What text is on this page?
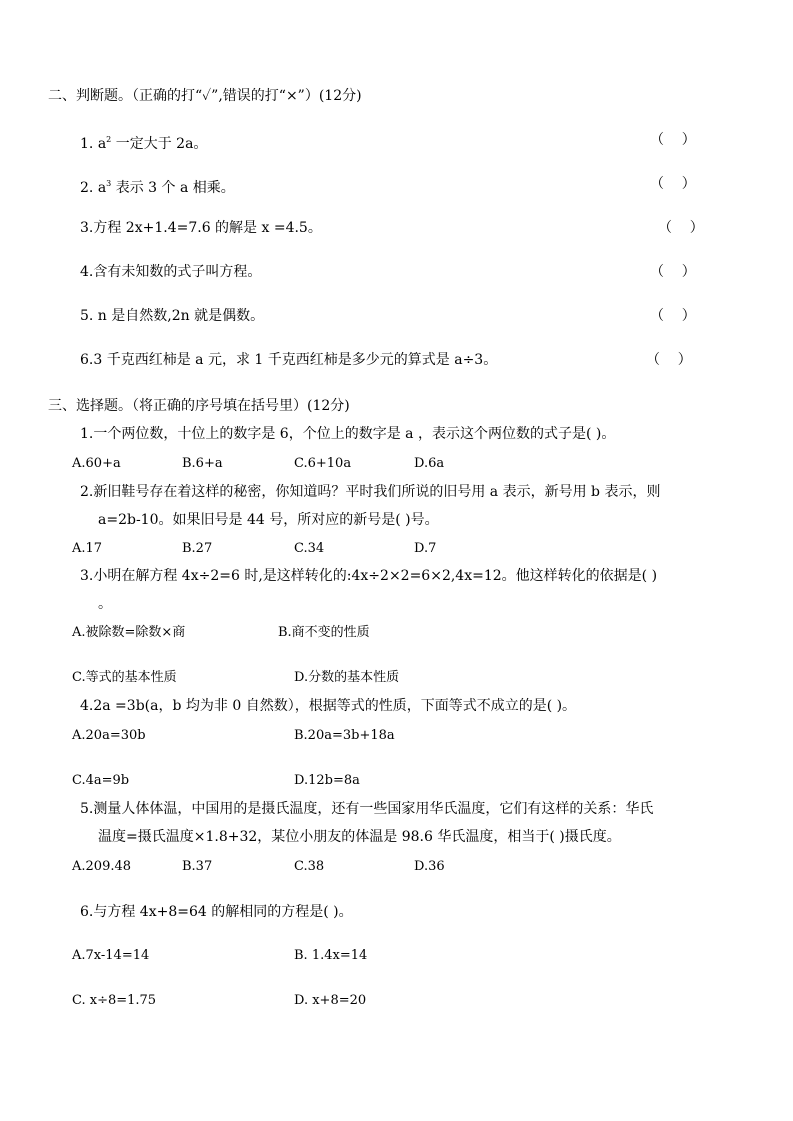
二、判断题。（正确的打“✓”,错误的打“×”）(12分)
1. $a^2$ 一定大于 2a。	（    ）
2. $a^3$ 表示 3 个 a 相乘。	（    ）
3.方程 2x+1.4=7.6 的解是 x =4.5。	（    ）
4.含有未知数的式子叫方程。	（    ）
5. n 是自然数,2n 就是偶数。	（    ）
6.3 千克西红柿是 a 元，求 1 千克西红柿是多少元的算式是 a÷3。	（    ）
三、选择题。（将正确的序号填在括号里）(12分)
1.一个两位数，十位上的数字是 6，个位上的数字是 a ，表示这个两位数的式子是( )。
A.60+a	B.6+a	C.6+10a	D.6a
2.新旧鞋号存在着这样的秘密，你知道吗？平时我们所说的旧号用 a 表示，新号用 b 表示，则
a=2b-10。如果旧号是 44 号，所对应的新号是( )号。
A.17	B.27	C.34	D.7
3.小明在解方程 4x÷2=6 时,是这样转化的:4x÷2×2=6×2,4x=12。他这样转化的依据是( )
。
A.被除数=除数×商	B.商不变的性质
C.等式的基本性质	D.分数的基本性质
4.2a =3b(a，b 均为非 0 自然数），根据等式的性质，下面等式不成立的是( )。
A.20a=30b	B.20a=3b+18a
C.4a=9b	D.12b=8a
5.测量人体体温，中国用的是摄氏温度，还有一些国家用华氏温度，它们有这样的关系：华氏
温度=摄氏温度×1.8+32，某位小朋友的体温是 98.6 华氏温度，相当于( )摄氏度。
A.209.48	B.37	C.38	D.36
6.与方程 4x+8=64 的解相同的方程是( )。
A.7x-14=14	B. 1.4x=14
C. x÷8=1.75	D. x+8=20
